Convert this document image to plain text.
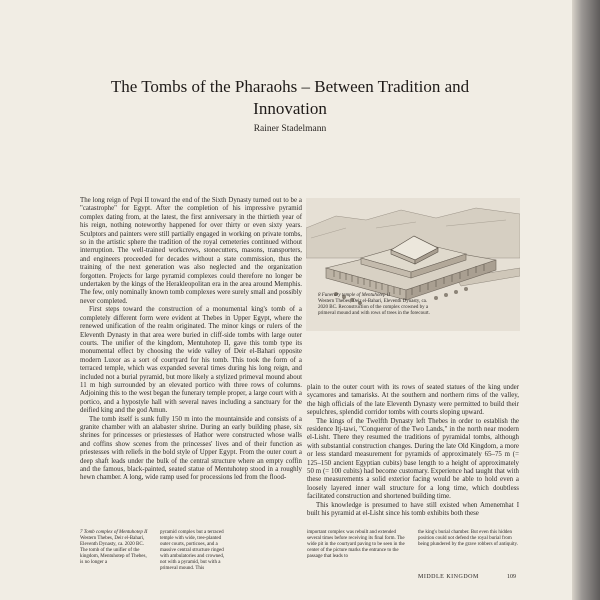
The Tombs of the Pharaohs – Between Tradition and Innovation
Rainer Stadelmann

The long reign of Pepi II toward the end of the Sixth Dynasty turned out to be a "catastrophe" for Egypt. After the completion of his impressive pyramid complex dating from, at the latest, the first anniversary in the thirtieth year of his reign, nothing noteworthy happened for over thirty or even sixty years. Sculptors and painters were still partially engaged in working on private tombs, so in the artistic sphere the tradition of the royal cemeteries continued without interruption. The well-trained workcrews, stonecutters, masons, transporters, and engineers proceeded for decades without a state commission, thus the training of the next generation was also neglected and the organization forgotten. Projects for large pyramid complexes could therefore no longer be undertaken by the kings of the Herakleopolitan era in the area around Memphis. The few, only nominally known tomb complexes were surely small and possibly never completed.

First steps toward the construction of a monumental king's tomb of a completely different form were evident at Thebes in Upper Egypt, where the renewed unification of the realm originated. The minor kings or rulers of the Eleventh Dynasty in that area were buried in cliff-side tombs with large outer courts. The unifier of the kingdom, Mentuhotep II, gave this tomb type its monumental effect by choosing the wide valley of Deir el-Bahari opposite modern Luxor as a sort of courtyard for his tomb. This took the form of a terraced temple, which was expanded several times during his long reign, and included not a burial pyramid, but more likely a stylized primeval mound about 11 m high surrounded by an elevated portico with three rows of columns. Adjoining this to the west began the funerary temple proper, a large court with a portico, and a hypostyle hall with several naves including a sanctuary for the deified king and the god Amun.

The tomb itself is sunk fully 150 m into the mountainside and consists of a granite chamber with an alabaster shrine. During an early building phase, six shrines for princesses or priestesses of Hathor were constructed whose walls and coffins show scenes from the princesses' lives and of their function as priestesses with reliefs in the bold style of Upper Egypt. From the outer court a deep shaft leads under the bulk of the central structure where an empty coffin and the famous, black-painted, seated statue of Mentuhotep stood in a roughly hewn chamber. A long, wide ramp used for processions led from the flood-

8 Funerary temple of Mentuhotep II
Western Thebes, Deir el-Bahari, Eleventh Dynasty, ca. 2020 BC. Reconstruction of the complex crowned by a primeval mound and with rows of trees in the forecourt.

plain to the outer court with its rows of seated statues of the king under sycamores and tamarisks. At the southern and northern rims of the valley, the high officials of the late Eleventh Dynasty were permitted to build their sepulchres, splendid corridor tombs with courts sloping upward.

The kings of the Twelfth Dynasty left Thebes in order to establish the residence Itj-tawi, "Conqueror of the Two Lands," in the north near modern el-Lisht. There they resumed the traditions of pyramidal tombs, although with substantial construction changes. During the late Old Kingdom, a more or less standard measurement for pyramids of approximately 65–75 m (= 125–150 ancient Egyptian cubits) base length to a height of approximately 50 m (= 100 cubits) had become customary. Experience had taught that with these measurements a solid exterior facing would be able to hold even a loosely layered inner wall structure for a long time, which doubtless facilitated construction and shortened building time.

This knowledge is presumed to have still existed when Amenemhat I built his pyramid at el-Lisht since his tomb exhibits both these

7 Tomb complex of Mentuhotep II
Western Thebes, Deir el-Bahari, Eleventh Dynasty, ca. 2020 BC. The tomb of the unifier of the kingdom, Mentuhotep of Thebes, is no longer a
pyramid complex but a terraced temple with wide, tree-planted outer courts, porticoes, and a massive central structure ringed with ambulatories and crowned, not with a pyramid, but with a primeval mound. This
important complex was rebuilt and extended several times before receiving its final form. The wide pit in the courtyard paving to be seen in the center of the picture marks the entrance to the passage that leads to
the king's burial chamber. But even this hidden position could not defend the royal burial from being plundered by the grave robbers of antiquity.
MIDDLE KINGDOM	109
